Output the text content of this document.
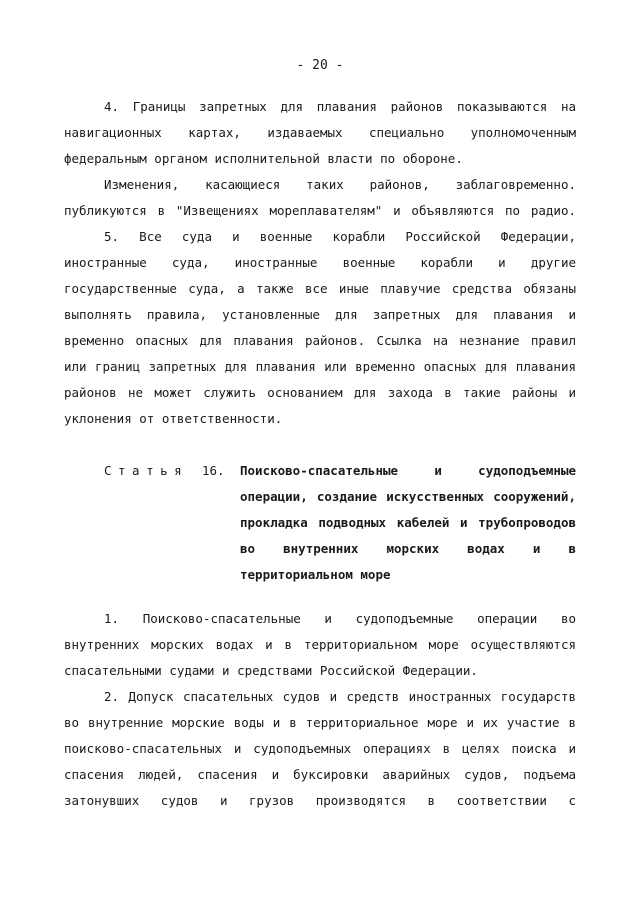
- 20 -
4. Границы запретных для плавания районов показываются на
навигационных картах, издаваемых специально уполномоченным
федеральным органом исполнительной власти по обороне.
Изменения, касающиеся таких районов, заблаговременно.
публикуются в "Извещениях мореплавателям" и объявляются по радио.
5. Все суда и военные корабли Российской Федерации,
иностранные суда, иностранные военные корабли и другие
государственные суда, а также все иные плавучие средства обязаны
выполнять правила, установленные для запретных для плавания и
временно опасных для плавания районов. Ссылка на незнание правил
или границ запретных для плавания или временно опасных для плавания
районов не может служить основанием для захода в такие районы и
уклонения от ответственности.
Статья 16. Поисково-спасательные и судоподъемные
операции, создание искусственных сооружений,
прокладка подводных кабелей и трубопроводов
во внутренних морских водах и в
территориальном море
1. Поисково-спасательные и судоподъемные операции во
внутренних морских водах и в территориальном море осуществляются
спасательными судами и средствами Российской Федерации.
2. Допуск спасательных судов и средств иностранных государств
во внутренние морские воды и в территориальное море и их участие в
поисково-спасательных и судоподъемных операциях в целях поиска и
спасения людей, спасения и буксировки аварийных судов, подъема
затонувших судов и грузов производятся в соответствии с
